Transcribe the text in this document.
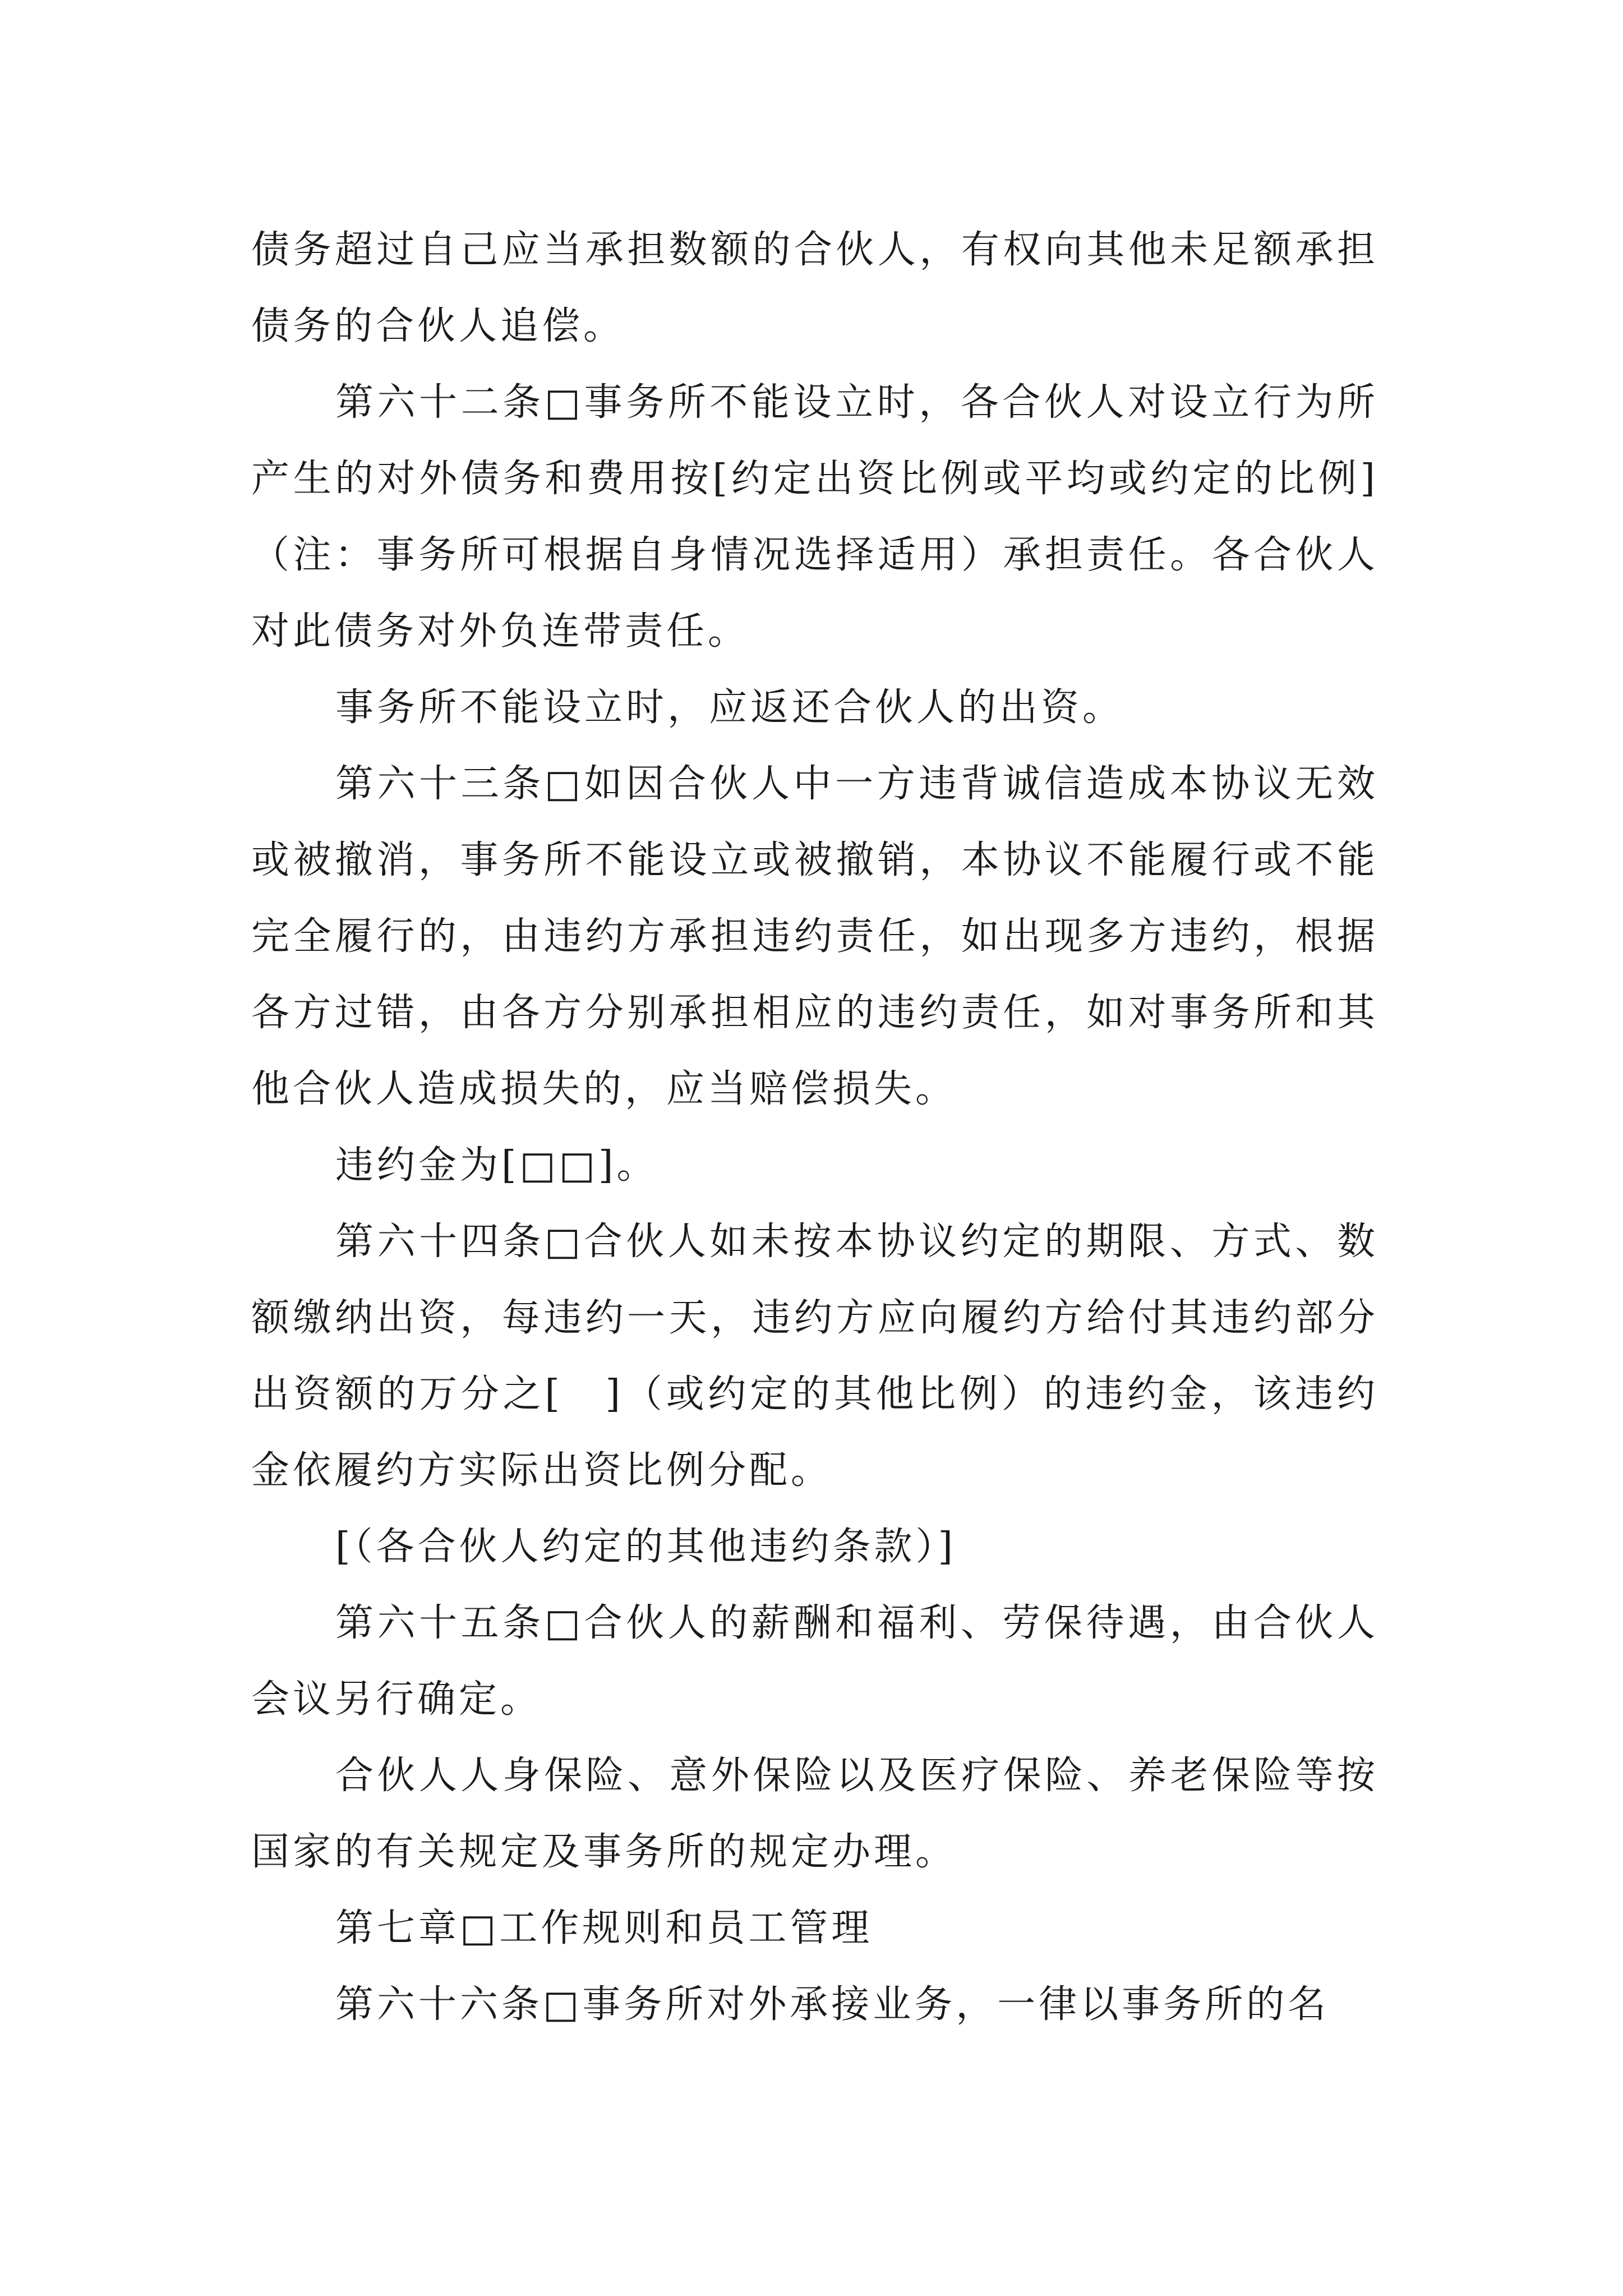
债务超过自己应当承担数额的合伙人，有权向其他未足额承担债务的合伙人追偿。

第六十二条□事务所不能设立时，各合伙人对设立行为所产生的对外债务和费用按[约定出资比例或平均或约定的比例]（注：事务所可根据自身情况选择适用）承担责任。各合伙人对此债务对外负连带责任。

事务所不能设立时，应返还合伙人的出资。

第六十三条□如因合伙人中一方违背诚信造成本协议无效或被撤消，事务所不能设立或被撤销，本协议不能履行或不能完全履行的，由违约方承担违约责任，如出现多方违约，根据各方过错，由各方分别承担相应的违约责任，如对事务所和其他合伙人造成损失的，应当赔偿损失。

违约金为[□□]。

第六十四条□合伙人如未按本协议约定的期限、方式、数额缴纳出资，每违约一天，违约方应向履约方给付其违约部分出资额的万分之[　]（或约定的其他比例）的违约金，该违约金依履约方实际出资比例分配。

[（各合伙人约定的其他违约条款）]

第六十五条□合伙人的薪酬和福利、劳保待遇，由合伙人会议另行确定。

合伙人人身保险、意外保险以及医疗保险、养老保险等按国家的有关规定及事务所的规定办理。

第七章□工作规则和员工管理

第六十六条□事务所对外承接业务，一律以事务所的名
